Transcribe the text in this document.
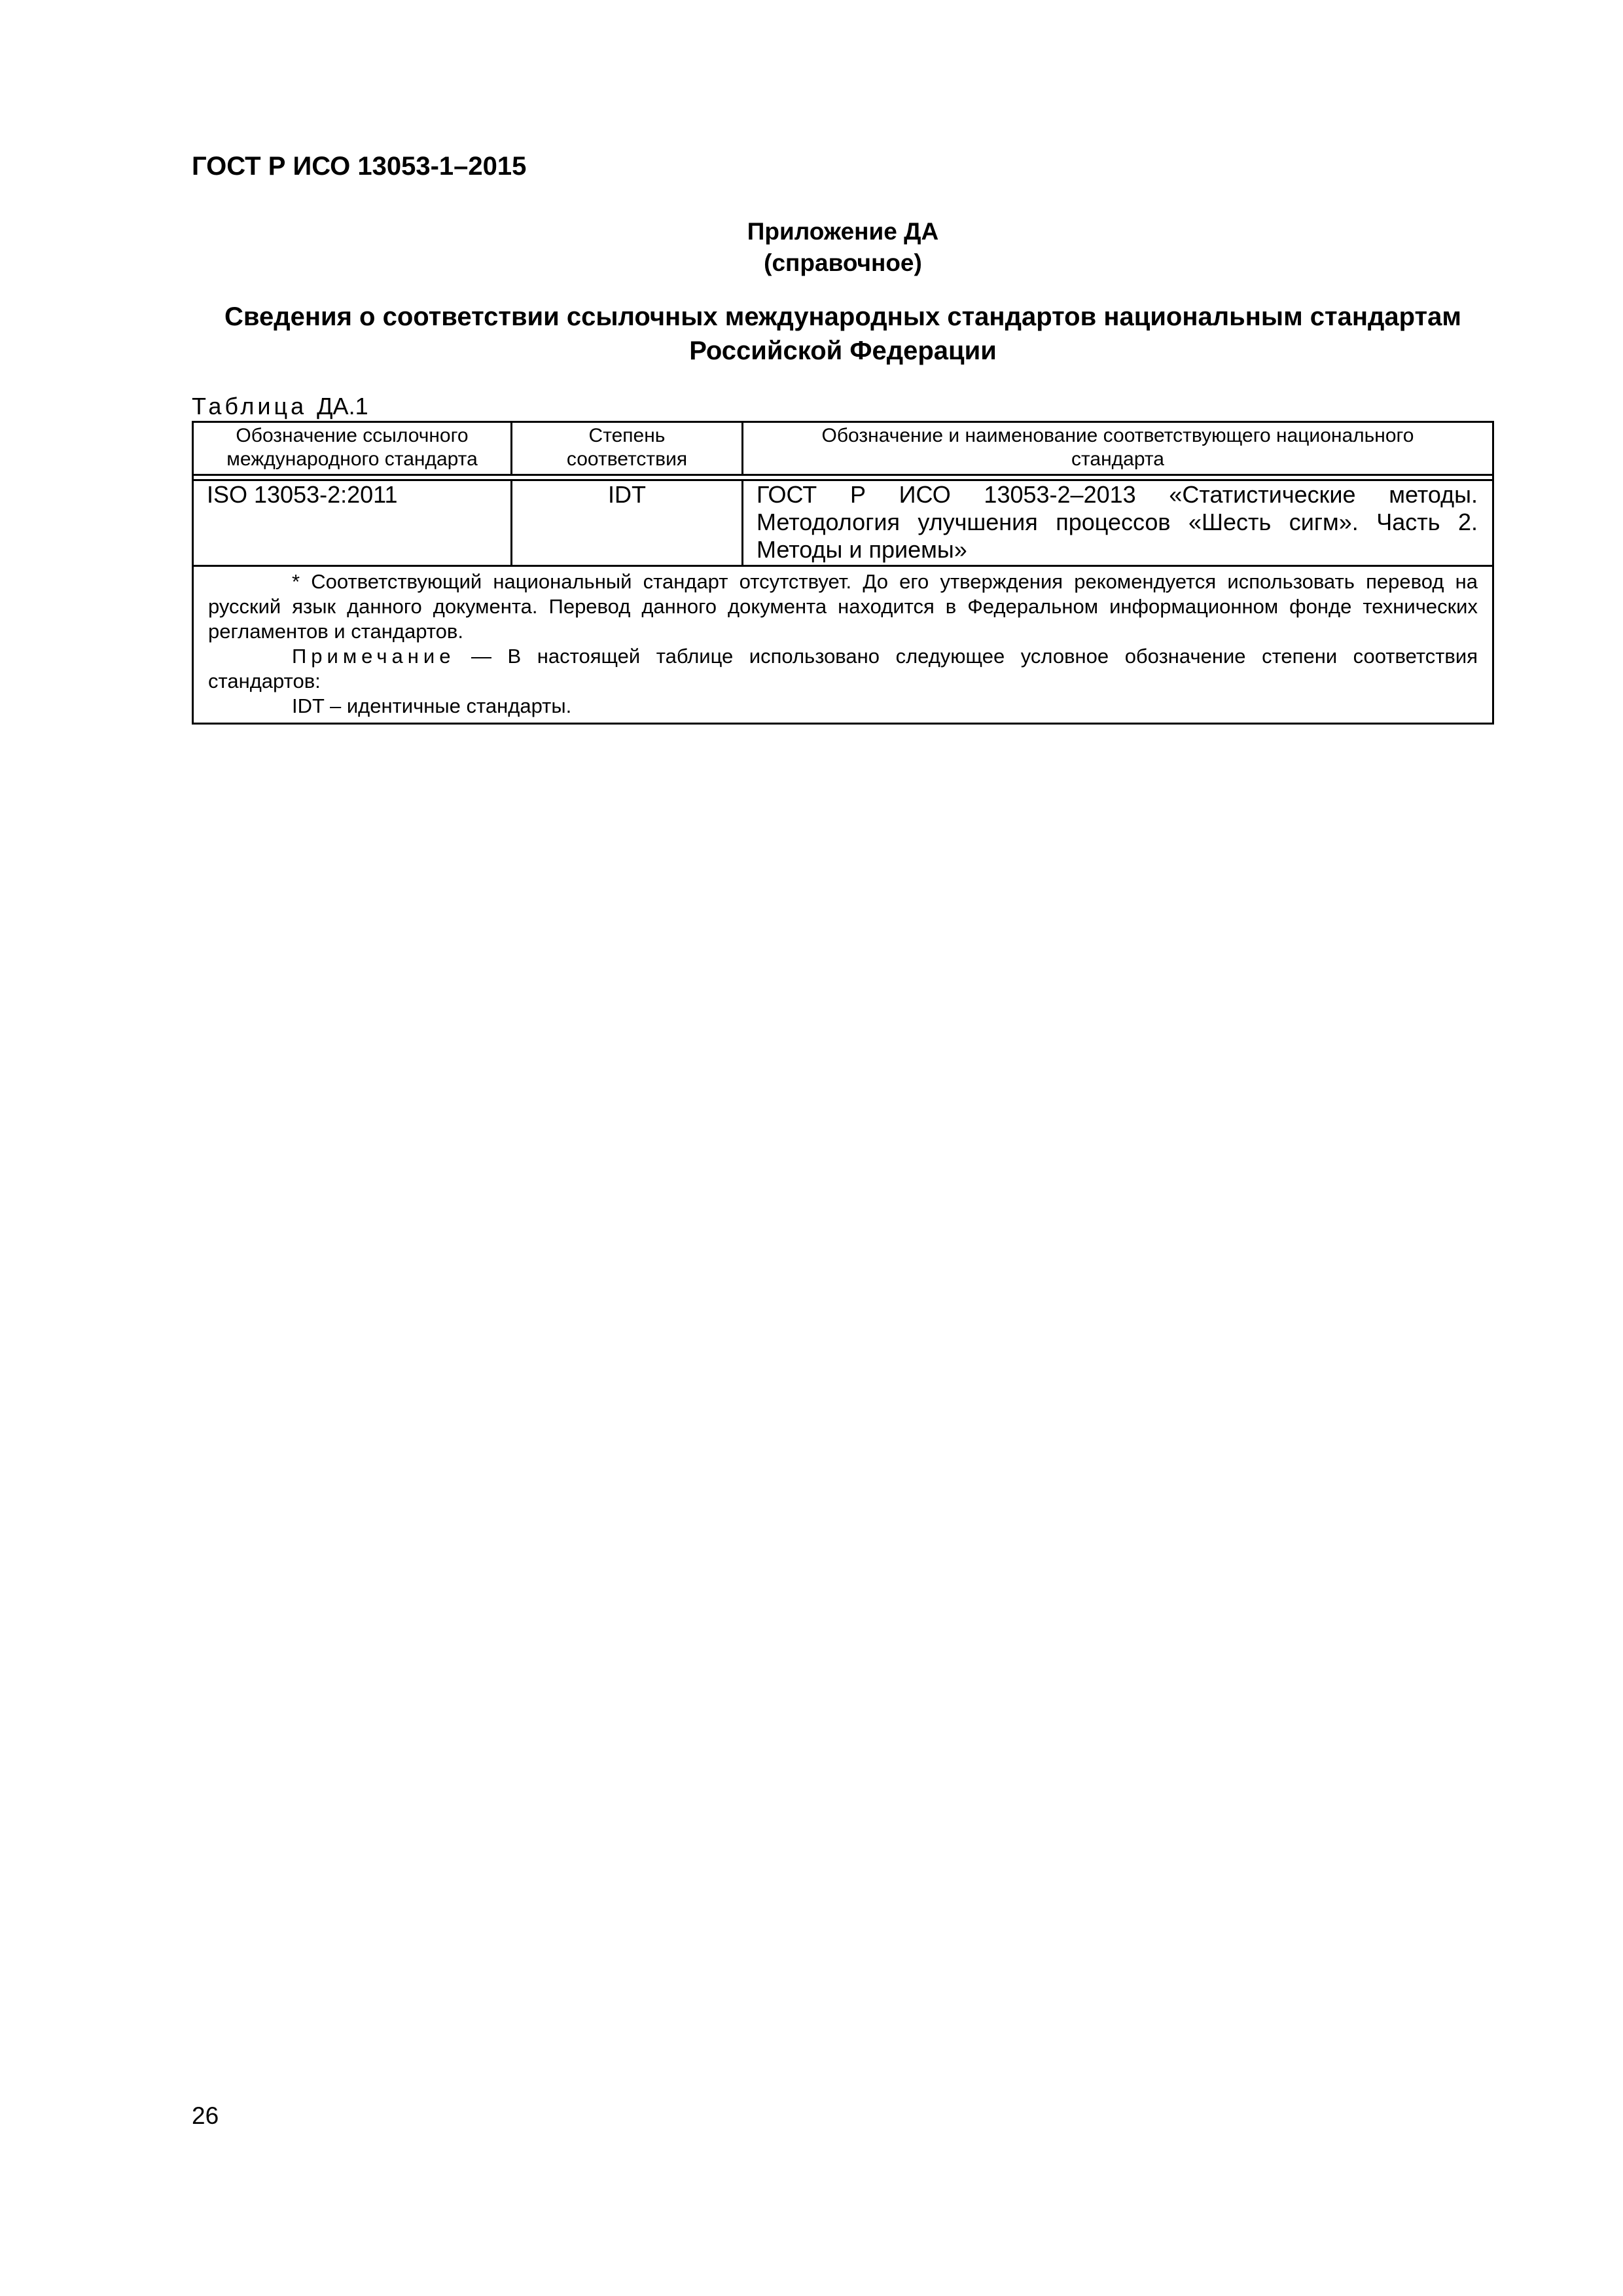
ГОСТ Р ИСО 13053-1–2015
Приложение ДА
(справочное)
Сведения о соответствии ссылочных международных стандартов национальным стандартам
Российской Федерации
Таблица ДА.1
Обозначение ссылочного
международного стандарта
Степень
соответствия
Обозначение и наименование соответствующего национального
стандарта
ISO 13053-2:2011	IDT	ГОСТ Р ИСО 13053-2–2013 «Статистические методы. Методология улучшения процессов «Шесть сигм». Часть 2. Методы и приемы»

* Соответствующий национальный стандарт отсутствует. До его утверждения рекомендуется использовать перевод на русский язык данного документа. Перевод данного документа находится в Федеральном информационном фонде технических регламентов и стандартов.

Примечание — В настоящей таблице использовано следующее условное обозначение степени соответствия стандартов:

IDT – идентичные стандарты.

26
